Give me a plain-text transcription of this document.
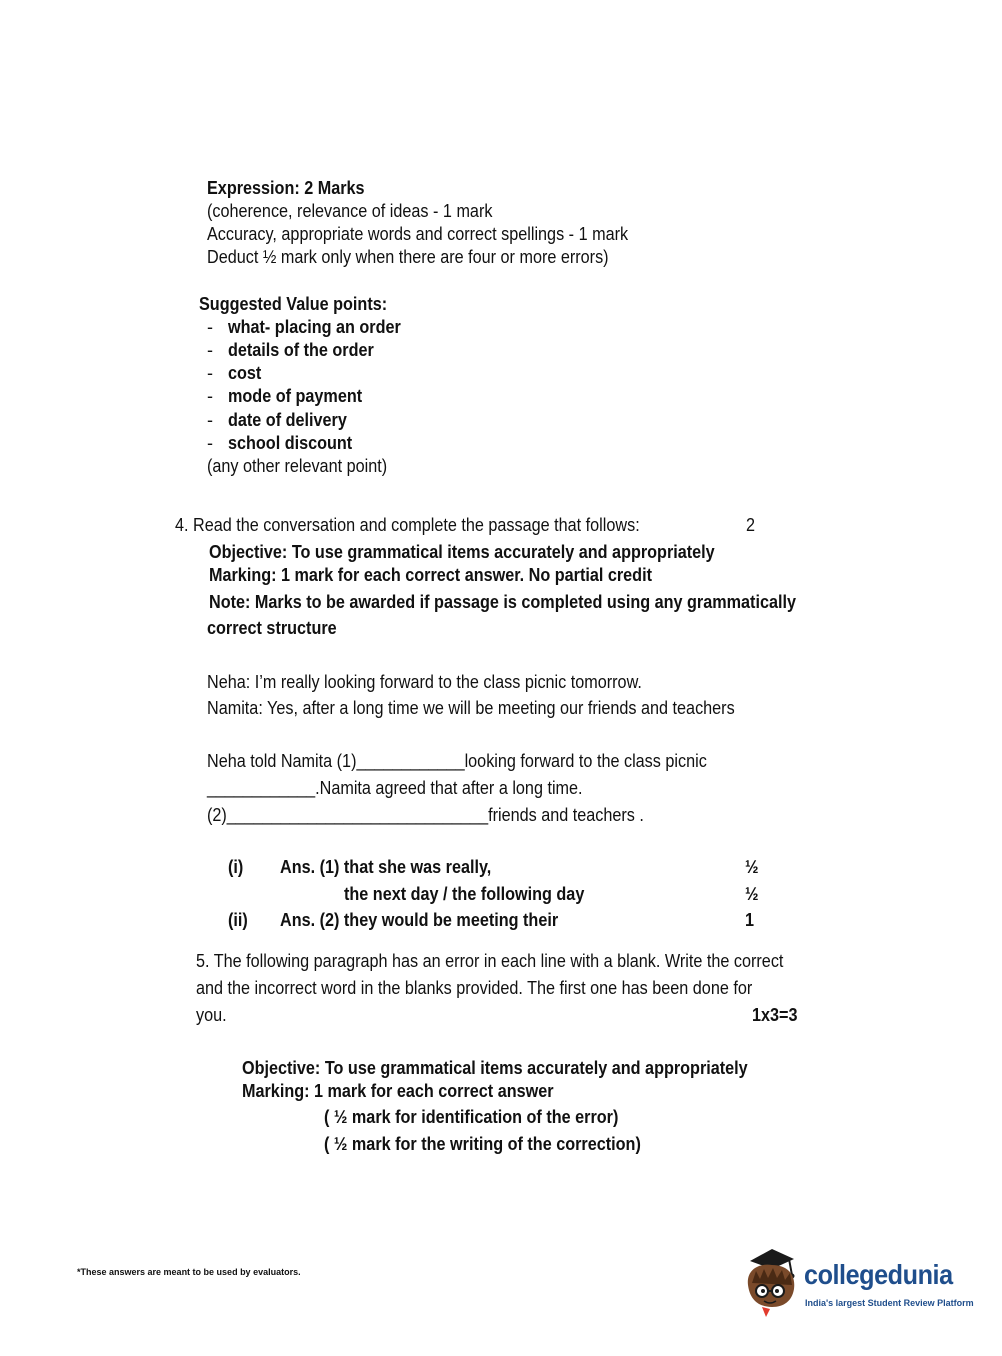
Expression: 2 Marks
(coherence, relevance of ideas - 1 mark
Accuracy, appropriate words and correct spellings - 1 mark
Deduct ½ mark only when there are four or more errors)
Suggested Value points:
- what- placing an order
- details of the order
- cost
- mode of payment
- date of delivery
- school discount
(any other relevant point)
4. Read the conversation and complete the passage that follows:	2
Objective: To use grammatical items accurately and appropriately
Marking: 1 mark for each correct answer. No partial credit
Note: Marks to be awarded if passage is completed using any grammatically
correct structure
Neha: I’m really looking forward to the class picnic tomorrow.
Namita: Yes, after a long time we will be meeting our friends and teachers
Neha told Namita (1)____________looking forward to the class picnic
____________.Namita agreed that after a long time.
(2)_____________________________friends and teachers .
(i) Ans. (1) that she was really,	½
the next day / the following day	½
(ii) Ans. (2) they would be meeting their	1
5. The following paragraph has an error in each line with a blank. Write the correct
and the incorrect word in the blanks provided. The first one has been done for
you.	1x3=3
Objective: To use grammatical items accurately and appropriately
Marking: 1 mark for each correct answer
( ½ mark for identification of the error)
( ½ mark for the writing of the correction)
*These answers are meant to be used by evaluators.	collegedunia
India's largest Student Review Platform
